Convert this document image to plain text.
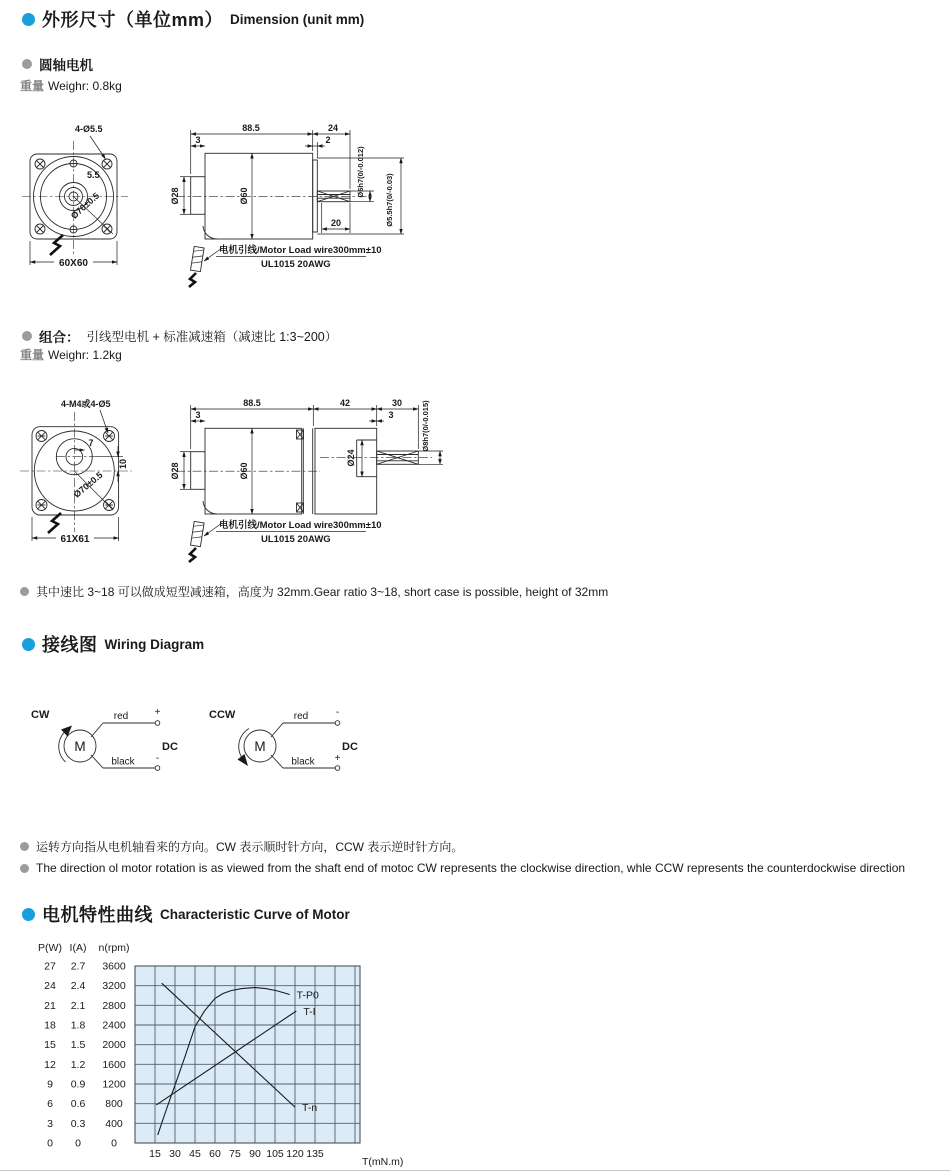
外形尺寸（单位mm） Dimension (unit mm)
圆轴电机
重量 Weighr: 0.8kg
4-Ø5.5
5.5
Ø70±0.5
60X60
88.5	24
3	2
Ø28	Ø60	Ø6h7(0/-0.012)
Ø5.5h7(0/-0.03)
20
电机引线/Motor Load wire300mm±10
UL1015 20AWG
组合： 引线型电机 + 标准减速箱（减速比 1:3~200）
重量 Weighr: 1.2kg
4-M4或4-Ø5
7
10
Ø70±0.5
61X61
88.5	42	30
3	3
Ø28	Ø60
Ø24
Ø8h7(0/-0.015)
电机引线/Motor Load wire300mm±10
UL1015 20AWG
其中速比 3~18 可以做成短型减速箱，高度为 32mm.Gear ratio 3~18, short case is possible, height of 32mm
接线图 Wiring Diagram
CW
M
red	+
black -
DC
CCW
M
red	-
black +
DC
运转方向指从电机轴看来的方向。CW 表示顺时针方向，CCW 表示逆时针方向。
The direction ol motor rotation is as viewed from the shaft end of motoc CW represents the clockwise direction, whle CCW represents the counterdockwise direction
电机特性曲线 Characteristic Curve of Motor
P(W)
27
24
21
18
15
12
9
6
3
0
I(A)
2.7
2.4
2.1
1.8
1.5
1.2
0.9
0.6
0.3
0
n(rpm)
3600
3200
2800
2400
2000
1600
1200
800
400
0
15 30 45 60 75 90 105 120 135
T(mN.m)
T-P0
T-I
T-n
